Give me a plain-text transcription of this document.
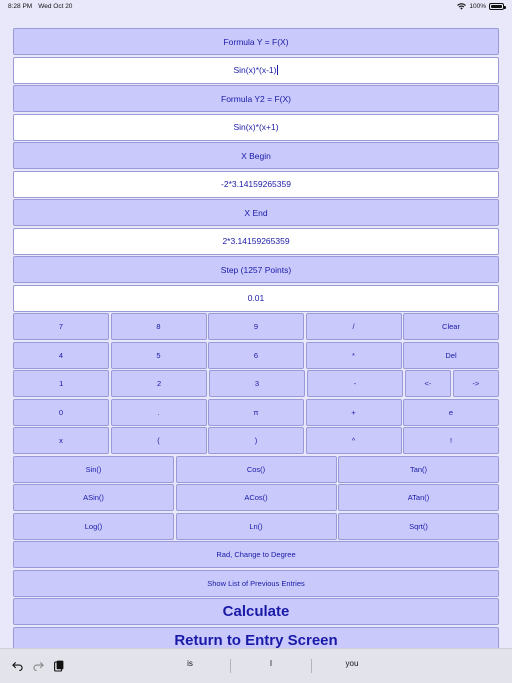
8:28 PM Wed Oct 20	100%
Formula Y = F(X)
Sin(x)*(x-1)
Formula Y2 = F(X)
Sin(x)*(x+1)
X Begin
-2*3.14159265359
X End
2*3.14159265359
Step (1257 Points)
0.01
7	8	9	/	Clear
4	5	6	*	Del
1	2	3	-	<-	->
0	.	π	+	e
x	(	)	^	!
Sin()	Cos()	Tan()
ASin()	ACos()	ATan()
Log()	Ln()	Sqrt()
Rad, Change to Degree
Show List of Previous Entries
Calculate
Return to Entry Screen
is	I	you
